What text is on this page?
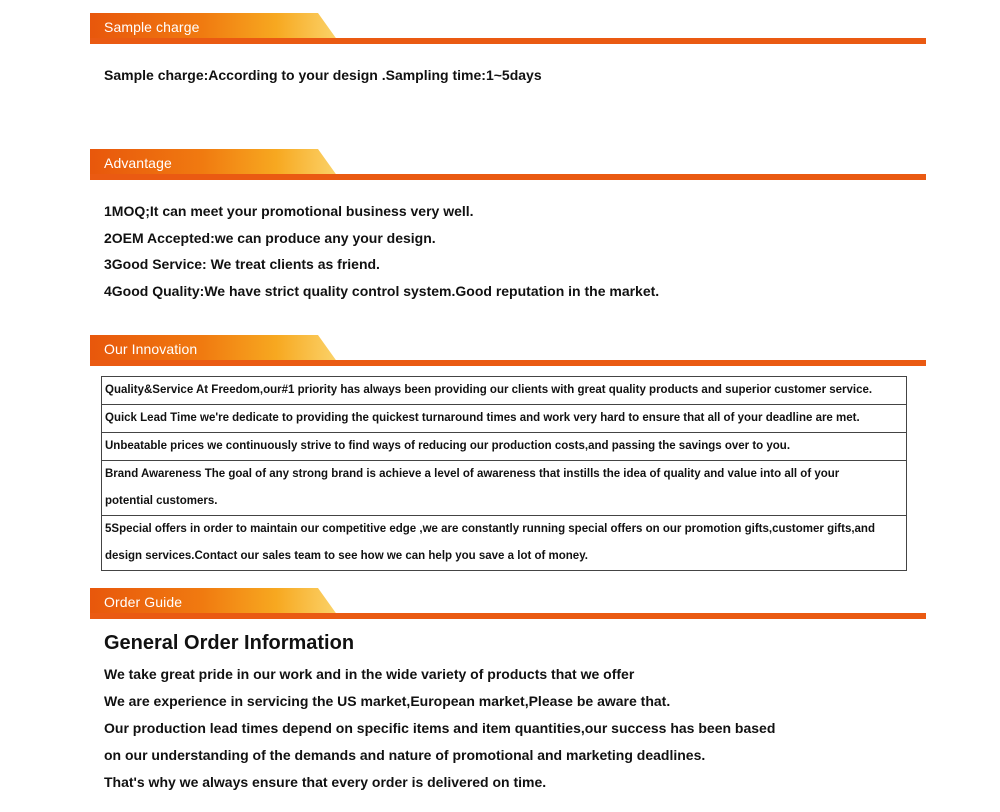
Sample charge
Sample charge:According to your design .Sampling time:1~5days
Advantage
1MOQ;It can meet your promotional business very well.
2OEM Accepted:we can produce any your design.
3Good Service: We treat clients as friend.
4Good Quality:We have strict quality control system.Good reputation in the market.
Our Innovation
Quality&Service At Freedom,our#1 priority has always been providing our clients with great quality products and superior customer service.
Quick Lead Time we're dedicate to providing the quickest turnaround times and work very hard to ensure that all of your deadline are met.
Unbeatable prices we continuously strive to find ways of reducing our production costs,and passing the savings over to you.
Brand Awareness The goal of any strong brand is achieve a level of awareness that instills the idea of quality and value into all of your
potential customers.
5Special offers in order to maintain our competitive edge ,we are constantly running special offers on our promotion gifts,customer gifts,and
design services.Contact our sales team to see how we can help you save a lot of money.
Order Guide
General Order Information
We take great pride in our work and in the wide variety of products that we offer
We are experience in servicing the US market,European market,Please be aware that.
Our production lead times depend on specific items and item quantities,our success has been based
on our understanding of the demands and nature of promotional and marketing deadlines.
That's why we always ensure that every order is delivered on time.
